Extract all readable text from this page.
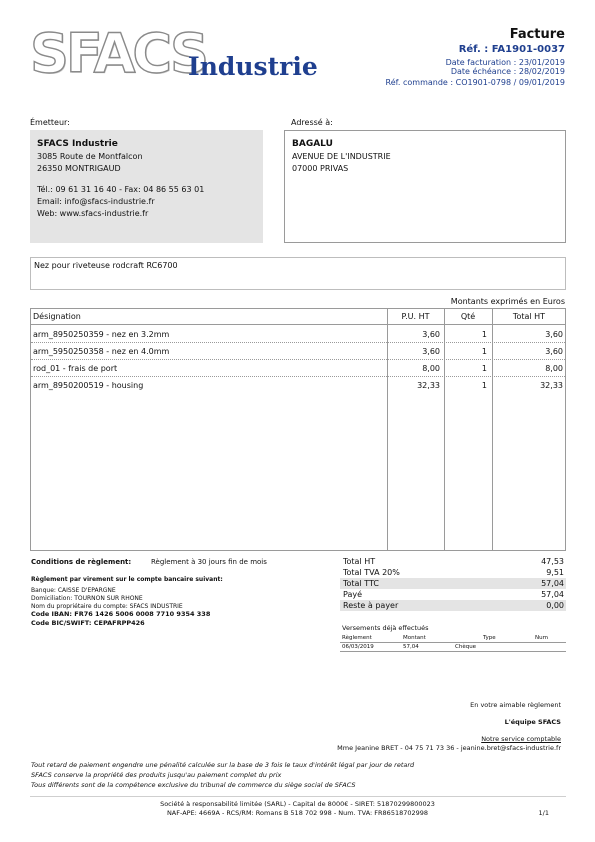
SFACS
Industrie
Facture
Réf. : FA1901-0037
Date facturation : 23/01/2019
Date échéance : 28/02/2019
Réf. commande : CO1901-0798 / 09/01/2019
Émetteur:
SFACS Industrie
3085 Route de Montfalcon
26350 MONTRIGAUD
Tél.: 09 61 31 16 40 - Fax: 04 86 55 63 01
Email: info@sfacs-industrie.fr
Web: www.sfacs-industrie.fr
Adressé à:
BAGALU
AVENUE DE L'INDUSTRIE
07000 PRIVAS
Nez pour riveteuse rodcraft RC6700
Montants exprimés en Euros
Désignation	P.U. HT	Qté	Total HT
arm_8950250359 - nez en 3.2mm	3,60	1	3,60
arm_5950250358 - nez en 4.0mm	3,60	1	3,60
rod_01 - frais de port	8,00	1	8,00
arm_8950200519 - housing	32,33	1	32,33
Conditions de règlement:	Règlement à 30 jours fin de mois
Règlement par virement sur le compte bancaire suivant:
Banque: CAISSE D'EPARGNE
Domiciliation: TOURNON SUR RHONE
Nom du propriétaire du compte: SFACS INDUSTRIE
Code IBAN: FR76 1426 5006 0008 7710 9354 338
Code BIC/SWIFT: CEPAFRPP426
Total HT	47,53
Total TVA 20%	9,51
Total TTC	57,04
Payé	57,04
Reste à payer	0,00
Versements déjà effectués
Règlement	Montant	Type	Num
06/03/2019	57,04	Chèque
En votre aimable règlement
L'équipe SFACS
Notre service comptable
Mme Jeanine BRET - 04 75 71 73 36 - jeanine.bret@sfacs-industrie.fr
Tout retard de paiement engendre une pénalité calculée sur la base de 3 fois le taux d'intérêt légal par jour de retard
SFACS conserve la propriété des produits jusqu'au paiement complet du prix
Tous différents sont de la compétence exclusive du tribunal de commerce du siège social de SFACS
Société à responsabilité limitée (SARL) - Capital de 8000€ - SIRET: 51870299800023
NAF-APE: 4669A - RCS/RM: Romans B 518 702 998 - Num. TVA: FR86518702998	1/1
